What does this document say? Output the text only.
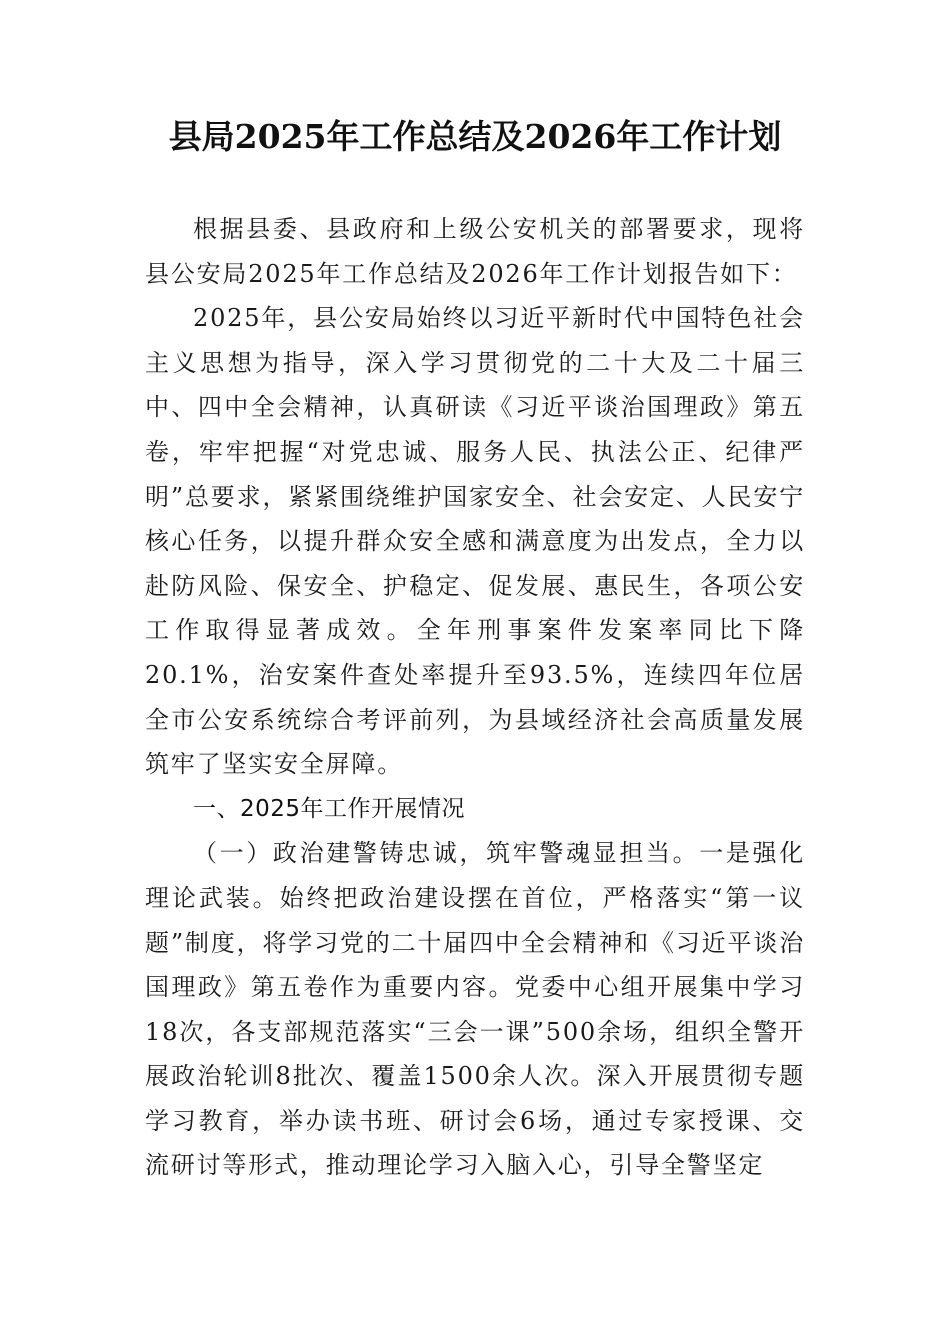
县局2025年工作总结及2026年工作计划

根据县委、县政府和上级公安机关的部署要求，现将县公安局2025年工作总结及2026年工作计划报告如下：

2025年，县公安局始终以习近平新时代中国特色社会主义思想为指导，深入学习贯彻党的二十大及二十届三中、四中全会精神，认真研读《习近平谈治国理政》第五卷，牢牢把握“对党忠诚、服务人民、执法公正、纪律严明”总要求，紧紧围绕维护国家安全、社会安定、人民安宁核心任务，以提升群众安全感和满意度为出发点，全力以赴防风险、保安全、护稳定、促发展、惠民生，各项公安工作取得显著成效。全年刑事案件发案率同比下降20.1%，治安案件查处率提升至93.5%，连续四年位居全市公安系统综合考评前列，为县域经济社会高质量发展筑牢了坚实安全屏障。

一、2025年工作开展情况

（一）政治建警铸忠诚，筑牢警魂显担当。一是强化理论武装。始终把政治建设摆在首位，严格落实“第一议题”制度，将学习党的二十届四中全会精神和《习近平谈治国理政》第五卷作为重要内容。党委中心组开展集中学习18次，各支部规范落实“三会一课”500余场，组织全警开展政治轮训8批次、覆盖1500余人次。深入开展贯彻专题学习教育，举办读书班、研讨会6场，通过专家授课、交流研讨等形式，推动理论学习入脑入心，引导全警坚定
